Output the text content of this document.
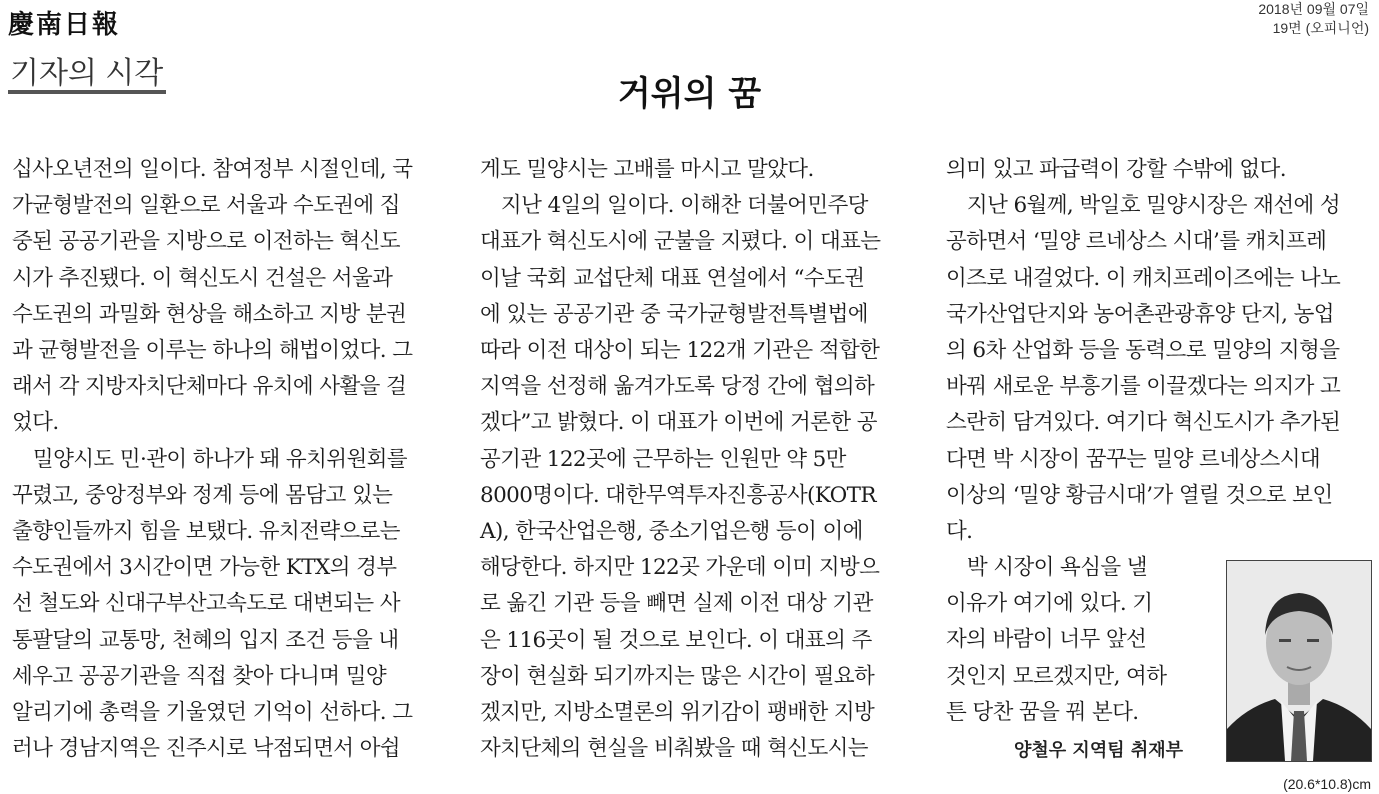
慶南日報
기자의 시각
2018년 09월 07일
19면 (오피니언)
거위의 꿈
십사오년전의 일이다. 참여정부 시절인데, 국
가균형발전의 일환으로 서울과 수도권에 집
중된 공공기관을 지방으로 이전하는 혁신도
시가 추진됐다. 이 혁신도시 건설은 서울과
수도권의 과밀화 현상을 해소하고 지방 분권
과 균형발전을 이루는 하나의 해법이었다. 그
래서 각 지방자치단체마다 유치에 사활을 걸
었다.
　밀양시도 민·관이 하나가 돼 유치위원회를
꾸렸고, 중앙정부와 정계 등에 몸담고 있는
출향인들까지 힘을 보탰다. 유치전략으로는
수도권에서 3시간이면 가능한 KTX의 경부
선 철도와 신대구부산고속도로 대변되는 사
통팔달의 교통망, 천혜의 입지 조건 등을 내
세우고 공공기관을 직접 찾아 다니며 밀양
알리기에 총력을 기울였던 기억이 선하다. 그
러나 경남지역은 진주시로 낙점되면서 아쉽
게도 밀양시는 고배를 마시고 말았다.
　지난 4일의 일이다. 이해찬 더불어민주당
대표가 혁신도시에 군불을 지폈다. 이 대표는
이날 국회 교섭단체 대표 연설에서 “수도권
에 있는 공공기관 중 국가균형발전특별법에
따라 이전 대상이 되는 122개 기관은 적합한
지역을 선정해 옮겨가도록 당정 간에 협의하
겠다”고 밝혔다. 이 대표가 이번에 거론한 공
공기관 122곳에 근무하는 인원만 약 5만
8000명이다. 대한무역투자진흥공사(KOTR
A), 한국산업은행, 중소기업은행 등이 이에
해당한다. 하지만 122곳 가운데 이미 지방으
로 옮긴 기관 등을 빼면 실제 이전 대상 기관
은 116곳이 될 것으로 보인다. 이 대표의 주
장이 현실화 되기까지는 많은 시간이 필요하
겠지만, 지방소멸론의 위기감이 팽배한 지방
자치단체의 현실을 비춰봤을 때 혁신도시는
의미 있고 파급력이 강할 수밖에 없다.
　지난 6월께, 박일호 밀양시장은 재선에 성
공하면서 ‘밀양 르네상스 시대’를 캐치프레
이즈로 내걸었다. 이 캐치프레이즈에는 나노
국가산업단지와 농어촌관광휴양 단지, 농업
의 6차 산업화 등을 동력으로 밀양의 지형을
바꿔 새로운 부흥기를 이끌겠다는 의지가 고
스란히 담겨있다. 여기다 혁신도시가 추가된
다면 박 시장이 꿈꾸는 밀양 르네상스시대
이상의 ‘밀양 황금시대’가 열릴 것으로 보인
다.
　박 시장이 욕심을 낼
이유가 여기에 있다. 기
자의 바람이 너무 앞선
것인지 모르겠지만, 여하
튼 당찬 꿈을 꿔 본다.
양철우 지역팀 취재부
(20.6*10.8)cm
